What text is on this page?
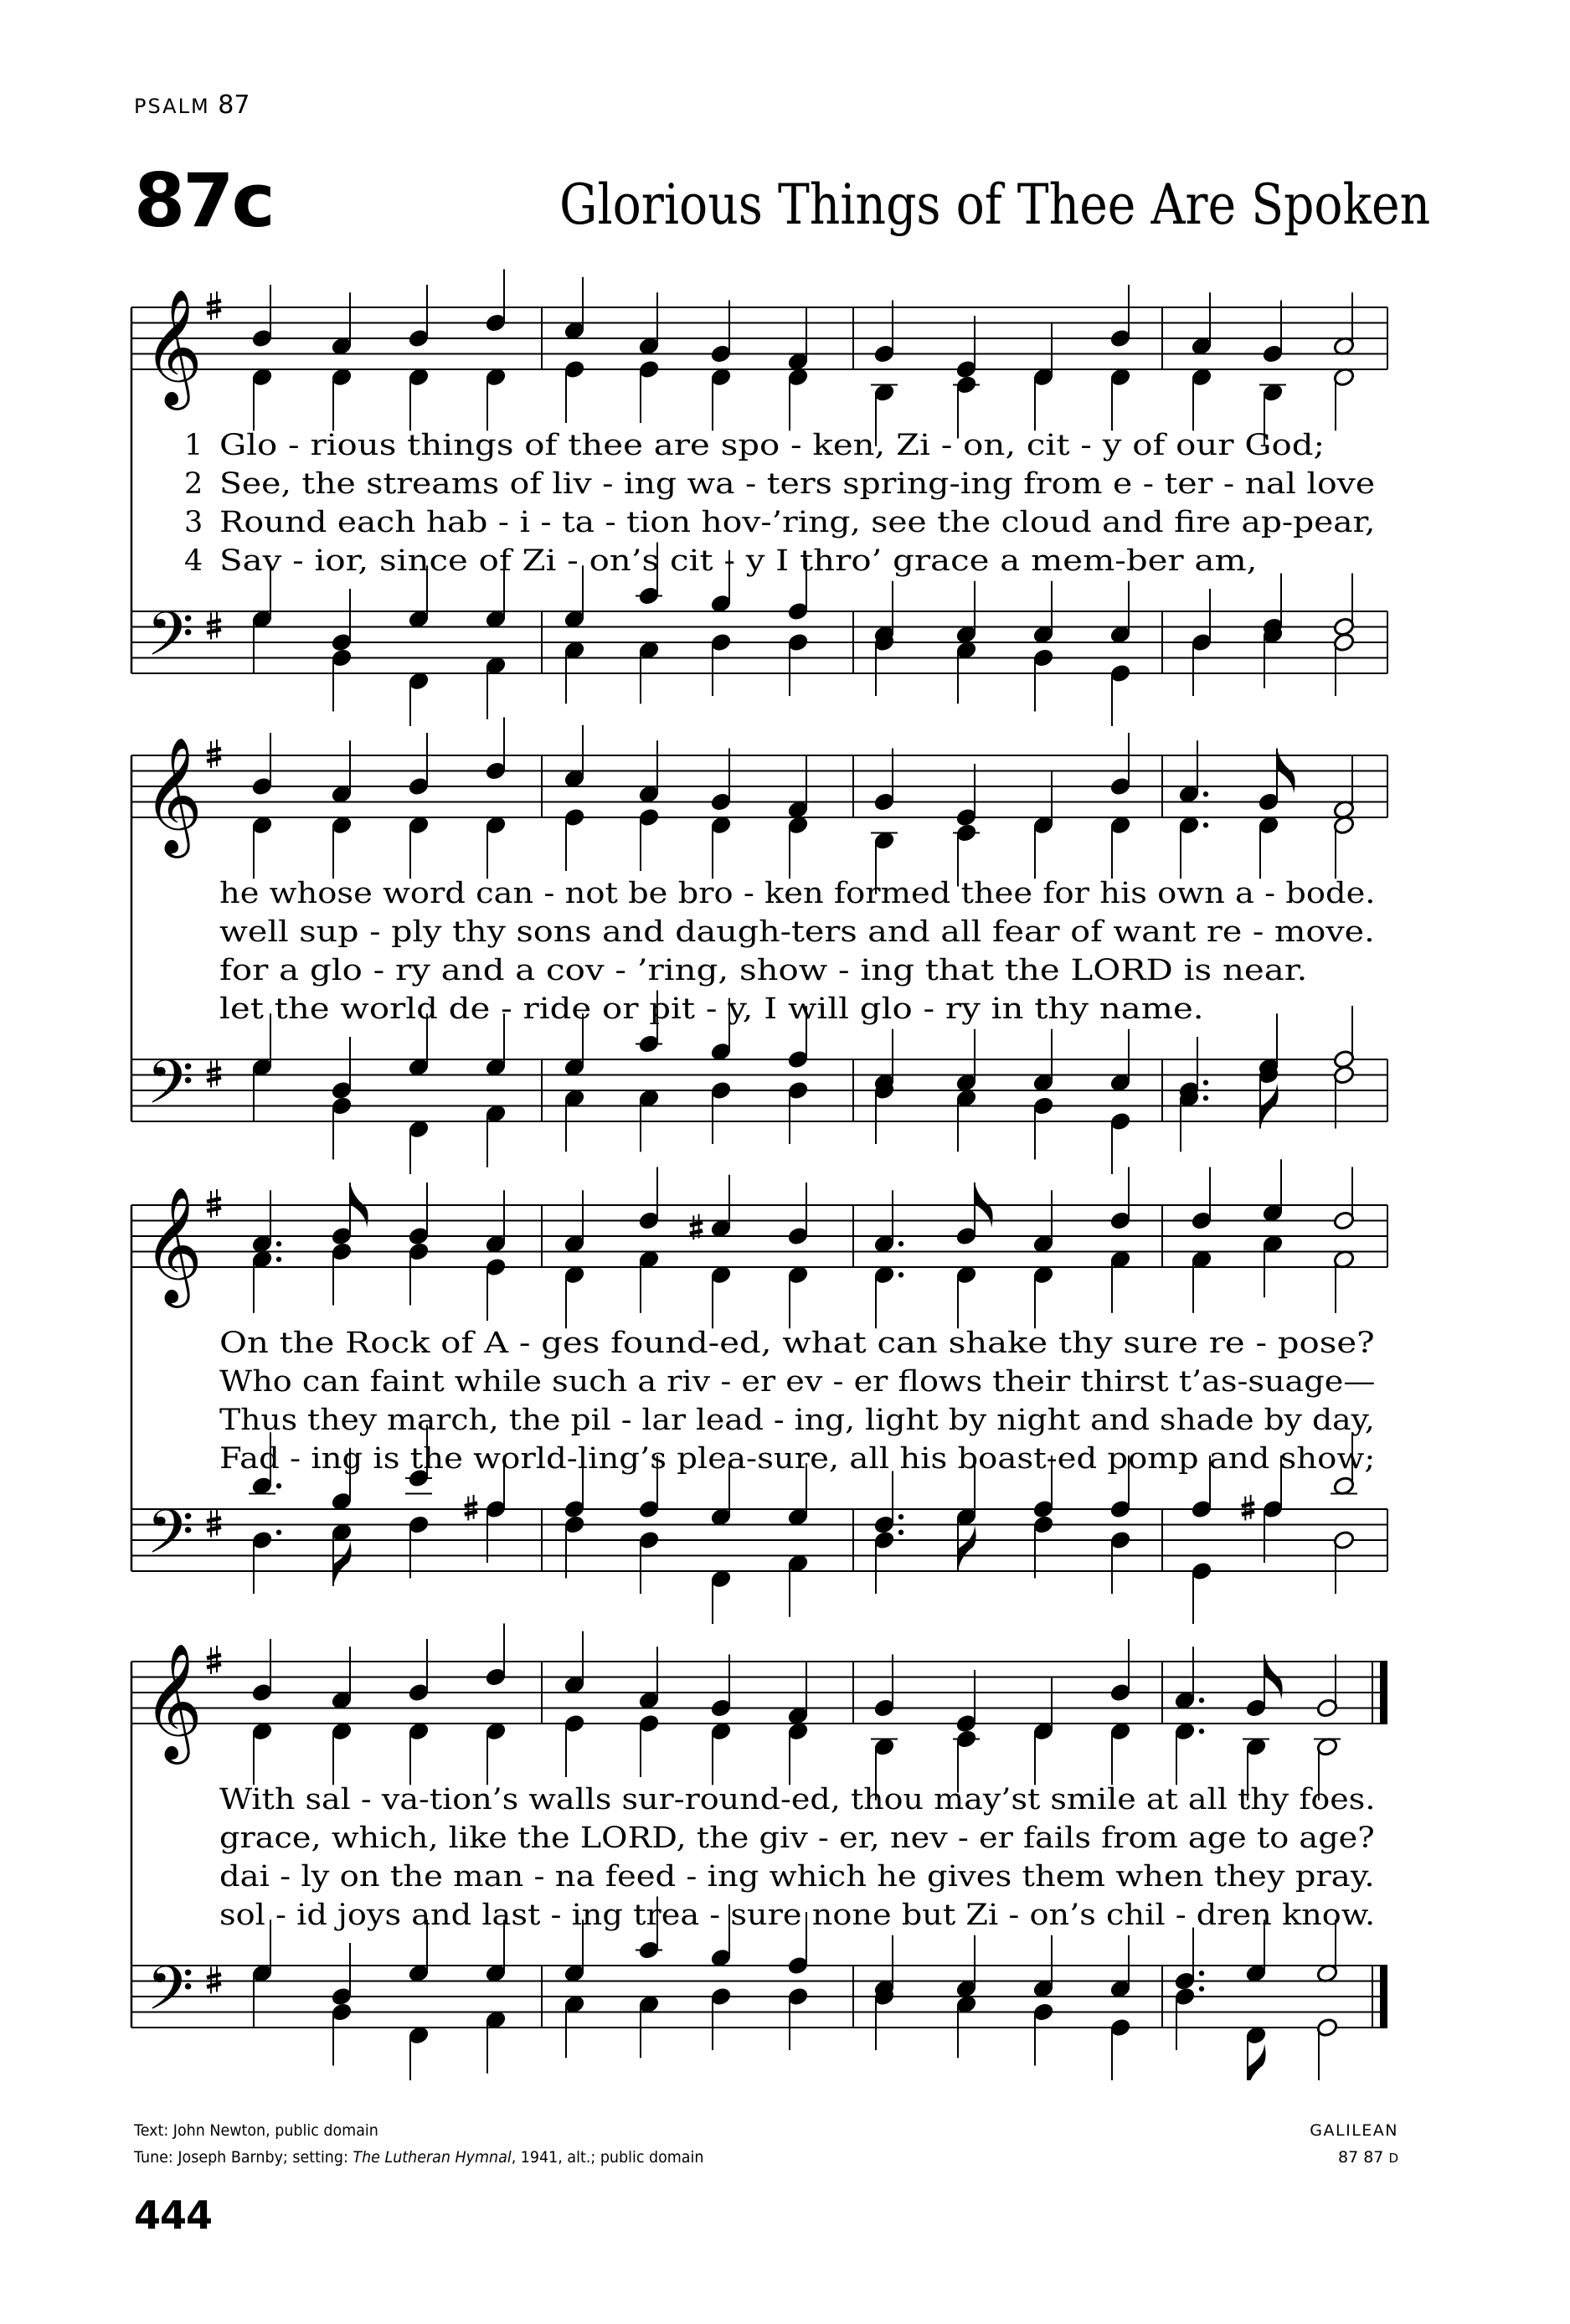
PSALM 87
87c	Glorious Things of Thee Are Spoken
𝄞
𝄢
1 Glo - rious things of thee are spo - ken, Zi - on, cit - y of our God;
2 See, the streams of liv - ing wa - ters spring-ing from e - ter - nal love
3 Round each hab - i - ta - tion hov-’ring, see the cloud and fire ap-pear,
4 Sav - ior, since of Zi - on’s cit - y I thro’ grace a mem-ber am,
𝄞
𝄢
he whose word can - not be bro - ken formed thee for his own a - bode.
well sup - ply thy sons and daugh-ters and all fear of want re - move.
for a glo - ry and a cov - ’ring, show - ing that the LORD is near.
let the world de - ride or pit - y, I will glo - ry in thy name.
𝄞
𝄢
On the Rock of A - ges found-ed, what can shake thy sure re - pose?
Who can faint while such a riv - er ev - er flows their thirst t’as-suage—
Thus they march, the pil - lar lead - ing, light by night and shade by day,
Fad - ing is the world-ling’s plea-sure, all his boast-ed pomp and show;
𝄞
𝄢
With sal - va-tion’s walls sur-round-ed, thou may’st smile at all thy foes.
grace, which, like the LORD, the giv - er, nev - er fails from age to age?
dai - ly on the man - na feed - ing which he gives them when they pray.
sol - id joys and last - ing trea - sure none but Zi - on’s chil - dren know.
Text: John Newton, public domain
Tune: Joseph Barnby; setting: The Lutheran Hymnal, 1941, alt.; public domain
GALILEAN
87 87 D
444
